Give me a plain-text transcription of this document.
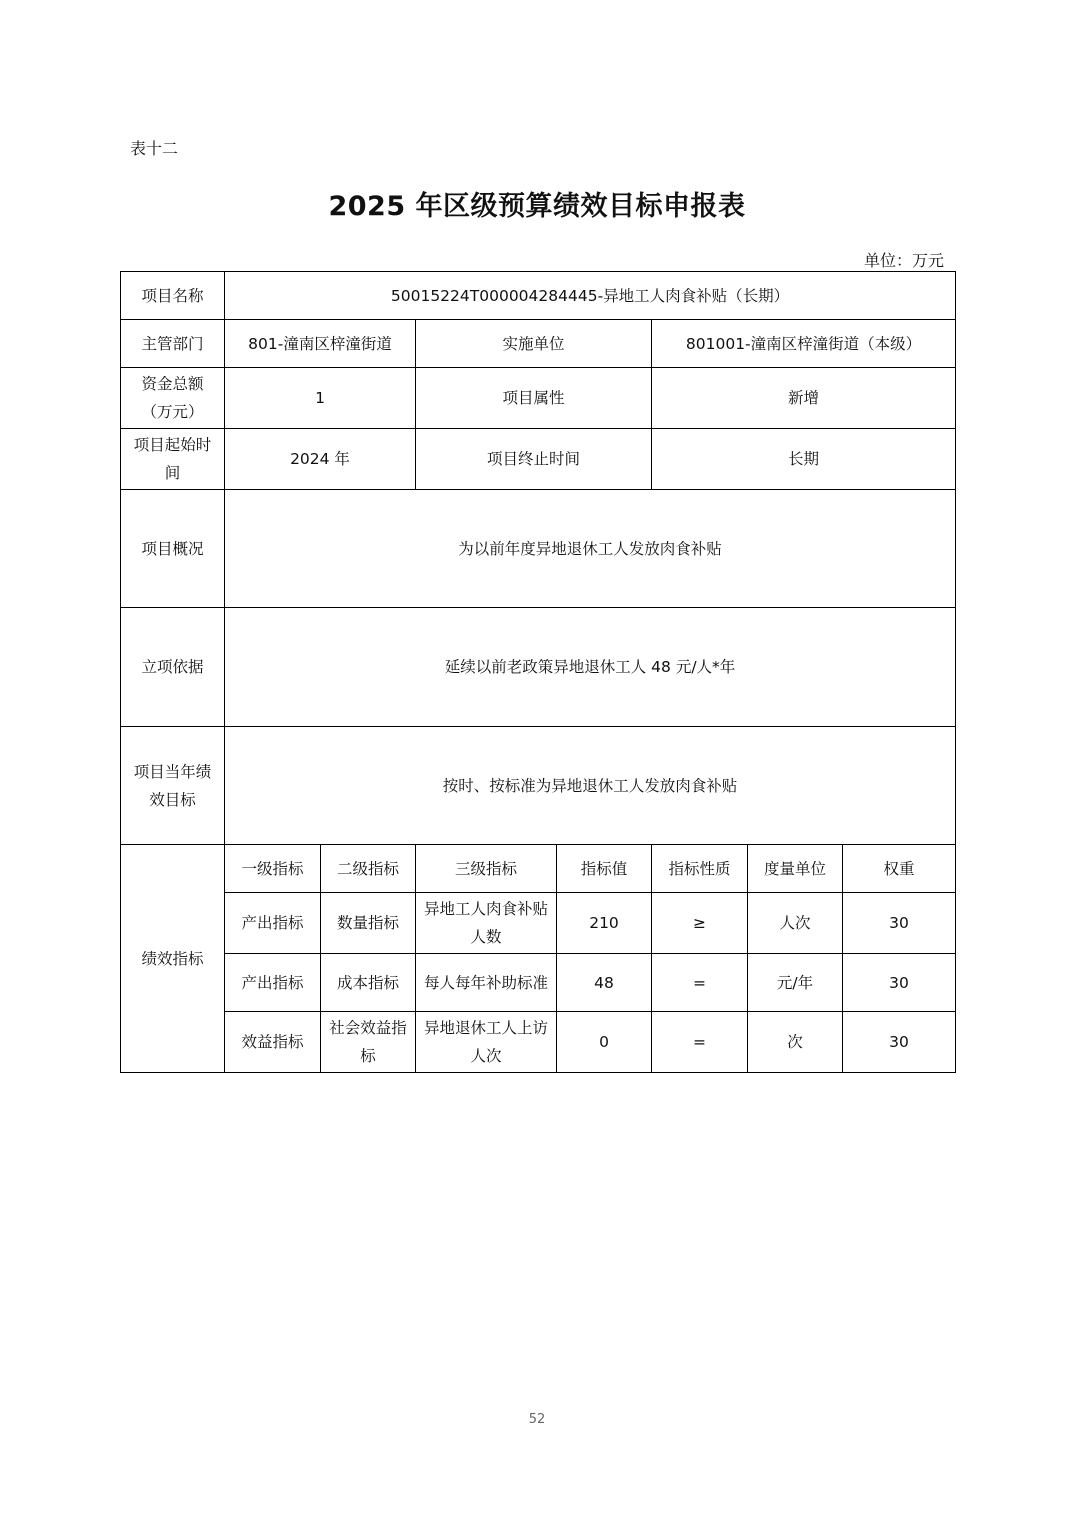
表十二
2025 年区级预算绩效目标申报表
单位：万元
项目名称	50015224T000004284445-异地工人肉食补贴（长期）						
主管部门	801-潼南区梓潼街道		实施单位		801001-潼南区梓潼街道（本级）		
资金总额（万元）	1		项目属性		新增		
项目起始时间	2024 年		项目终止时间		长期		
项目概况	为以前年度异地退休工人发放肉食补贴						
立项依据	延续以前老政策异地退休工人 48 元/人*年						
项目当年绩效目标	按时、按标准为异地退休工人发放肉食补贴						
绩效指标	一级指标	二级指标	三级指标	指标值	指标性质	度量单位	权重
	产出指标	数量指标	异地工人肉食补贴人数	210	≥	人次	30
	产出指标	成本指标	每人每年补助标准	48	=	元/年	30
	效益指标	社会效益指标	异地退休工人上访人次	0	=	次	30
52
